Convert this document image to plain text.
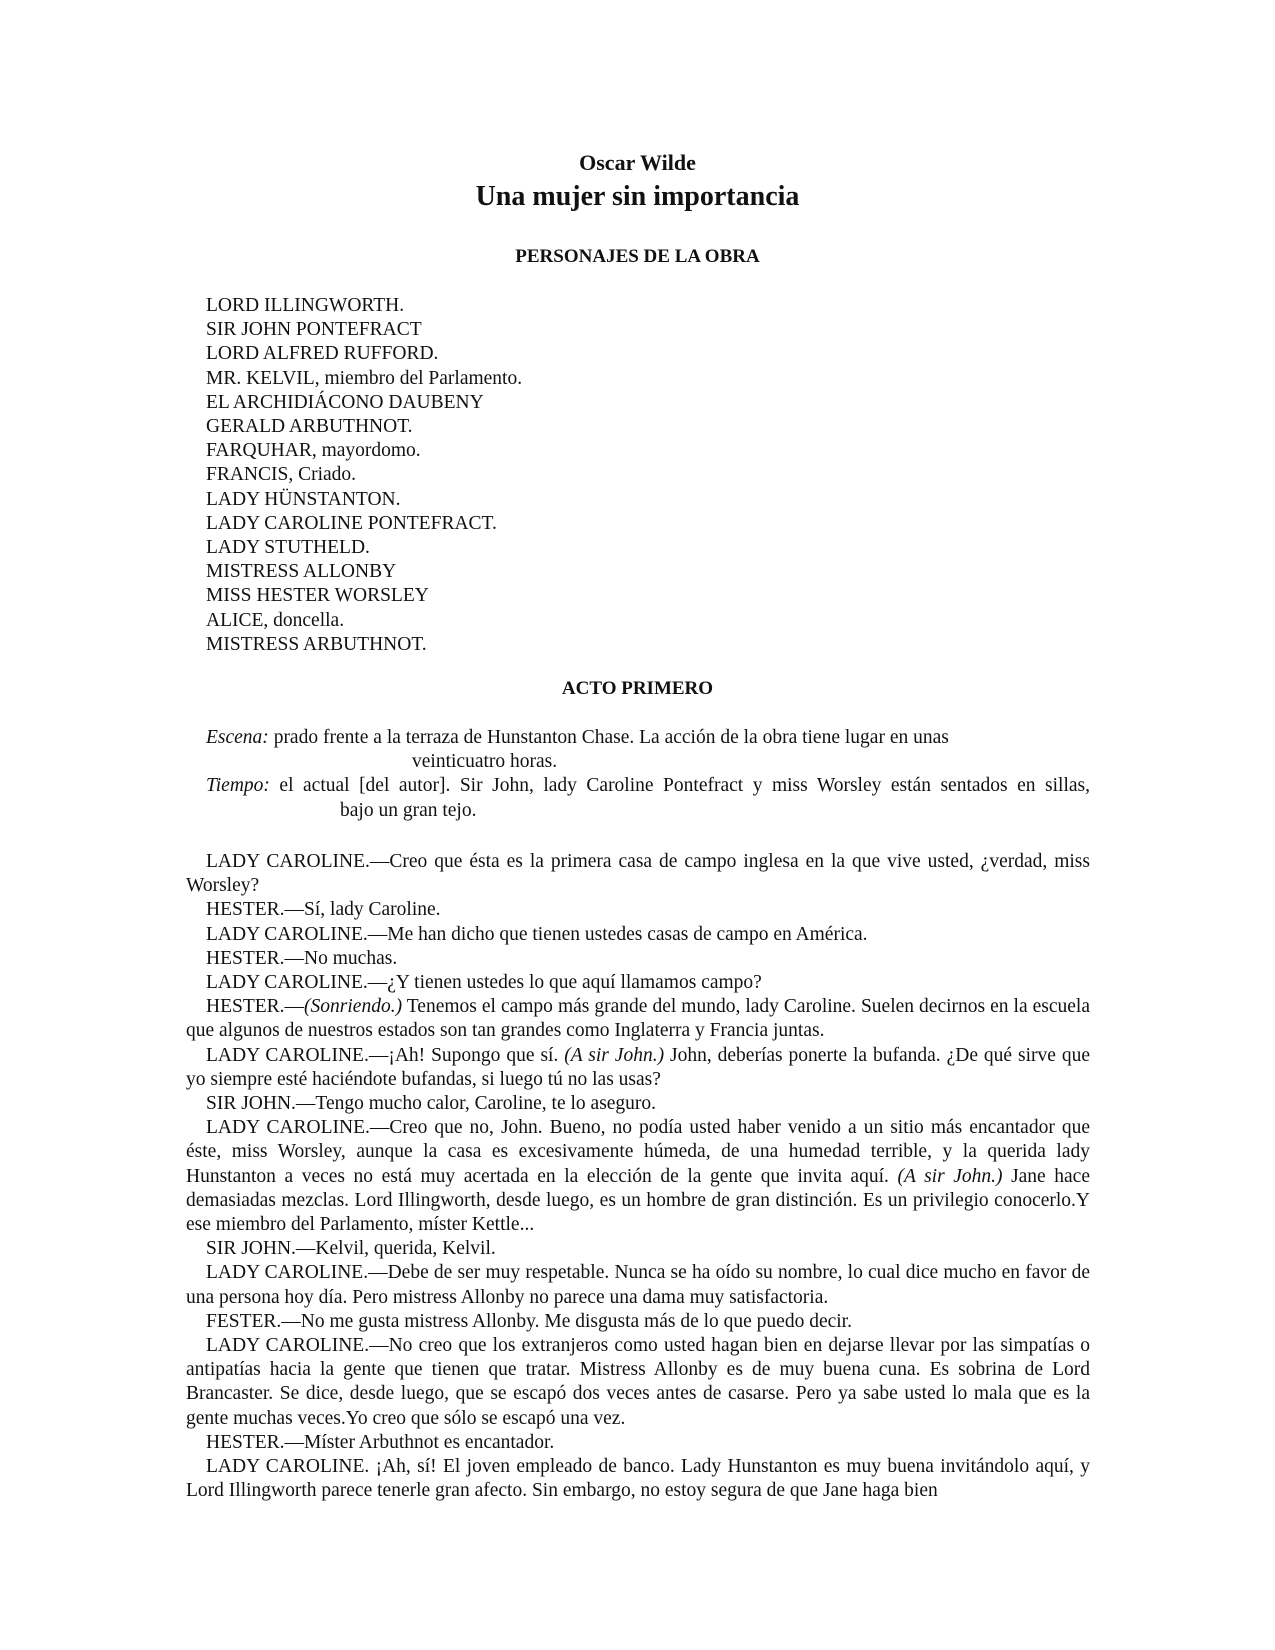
Oscar Wilde
Una mujer sin importancia
PERSONAJES DE LA OBRA
LORD ILLINGWORTH.
SIR JOHN PONTEFRACT
LORD ALFRED RUFFORD.
MR. KELVIL, miembro del Parlamento.
EL ARCHIDIÁCONO DAUBENY
GERALD ARBUTHNOT.
FARQUHAR, mayordomo.
FRANCIS, Criado.
LADY HÜNSTANTON.
LADY CAROLINE PONTEFRACT.
LADY STUTHELD.
MISTRESS ALLONBY
MISS HESTER WORSLEY
ALICE, doncella.
MISTRESS ARBUTHNOT.
ACTO PRIMERO

Escena: prado frente a la terraza de Hunstanton Chase. La acción de la obra tiene lugar en unas
veinticuatro horas.

Tiempo: el actual [del autor]. Sir John, lady Caroline Pontefract y miss Worsley están sentados en sillas,bajo un gran tejo.

LADY CAROLINE.—Creo que ésta es la primera casa de campo inglesa en la que vive usted, ¿verdad, miss Worsley?

HESTER.—Sí, lady Caroline.

LADY CAROLINE.—Me han dicho que tienen ustedes casas de campo en América.

HESTER.—No muchas.

LADY CAROLINE.—¿Y tienen ustedes lo que aquí llamamos campo?

HESTER.—(Sonriendo.) Tenemos el campo más grande del mundo, lady Caroline. Suelen decirnos en la escuela que algunos de nuestros estados son tan grandes como Inglaterra y Francia juntas.

LADY CAROLINE.—¡Ah! Supongo que sí. (A sir John.) John, deberías ponerte la bufanda. ¿De qué sirve que yo siempre esté haciéndote bufandas, si luego tú no las usas?

SIR JOHN.—Tengo mucho calor, Caroline, te lo aseguro.

LADY CAROLINE.—Creo que no, John. Bueno, no podía usted haber venido a un sitio más encantador que éste, miss Worsley, aunque la casa es excesivamente húmeda, de una humedad terrible, y la querida lady Hunstanton a veces no está muy acertada en la elección de la gente que invita aquí. (A sir John.) Jane hace demasiadas mezclas. Lord Illingworth, desde luego, es un hombre de gran distinción. Es un privilegio conocerlo.Y ese miembro del Parlamento, míster Kettle...

SIR JOHN.—Kelvil, querida, Kelvil.

LADY CAROLINE.—Debe de ser muy respetable. Nunca se ha oído su nombre, lo cual dice mucho en favor de una persona hoy día. Pero mistress Allonby no parece una dama muy satisfactoria.

FESTER.—No me gusta mistress Allonby. Me disgusta más de lo que puedo decir.

LADY CAROLINE.—No creo que los extranjeros como usted hagan bien en dejarse llevar por las simpatías o antipatías hacia la gente que tienen que tratar. Mistress Allonby es de muy buena cuna. Es sobrina de Lord Brancaster. Se dice, desde luego, que se escapó dos veces antes de casarse. Pero ya sabe usted lo mala que es la gente muchas veces.Yo creo que sólo se escapó una vez.

HESTER.—Míster Arbuthnot es encantador.

LADY CAROLINE. ¡Ah, sí! El joven empleado de banco. Lady Hunstanton es muy buena invitándolo aquí, y Lord Illingworth parece tenerle gran afecto. Sin embargo, no estoy segura de que Jane haga bien
